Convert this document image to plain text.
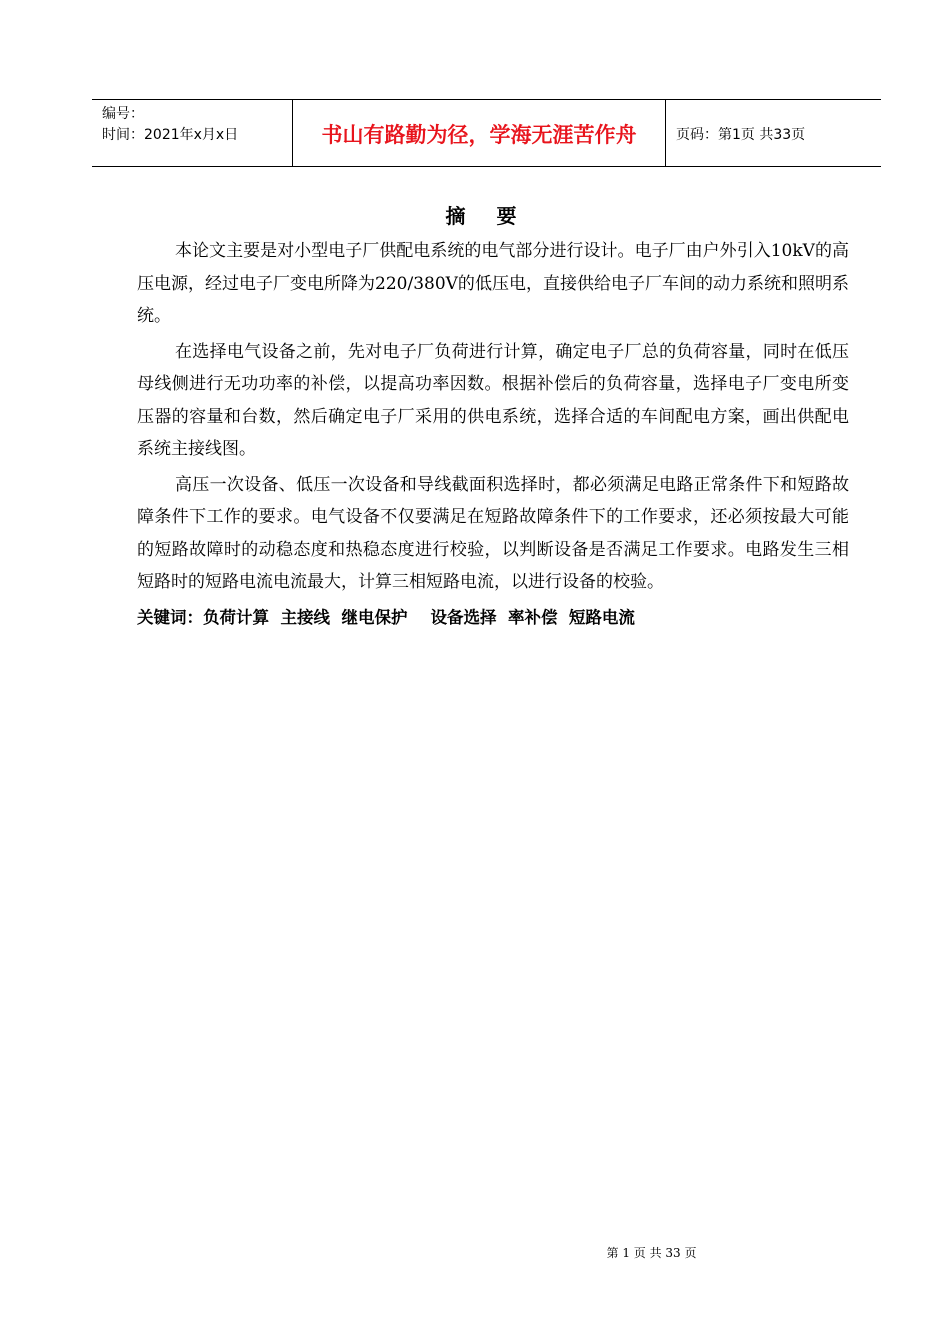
编号：
时间：2021年x月x日	书山有路勤为径，学海无涯苦作舟	页码：第1页 共33页
摘 要

本论文主要是对小型电子厂供配电系统的电气部分进行设计。电子厂由户外引入10kV的高压电源，经过电子厂变电所降为220/380V的低压电，直接供给电子厂车间的动力系统和照明系统。

在选择电气设备之前，先对电子厂负荷进行计算，确定电子厂总的负荷容量，同时在低压母线侧进行无功功率的补偿，以提高功率因数。根据补偿后的负荷容量，选择电子厂变电所变压器的容量和台数，然后确定电子厂采用的供电系统，选择合适的车间配电方案，画出供配电系统主接线图。

高压一次设备、低压一次设备和导线截面积选择时，都必须满足电路正常条件下和短路故障条件下工作的要求。电气设备不仅要满足在短路故障条件下的工作要求，还必须按最大可能的短路故障时的动稳态度和热稳态度进行校验，以判断设备是否满足工作要求。电路发生三相短路时的短路电流电流最大，计算三相短路电流，以进行设备的校验。

关键词：负荷计算  主接线  继电保护    设备选择  率补偿  短路电流

第 1 页 共 33 页
